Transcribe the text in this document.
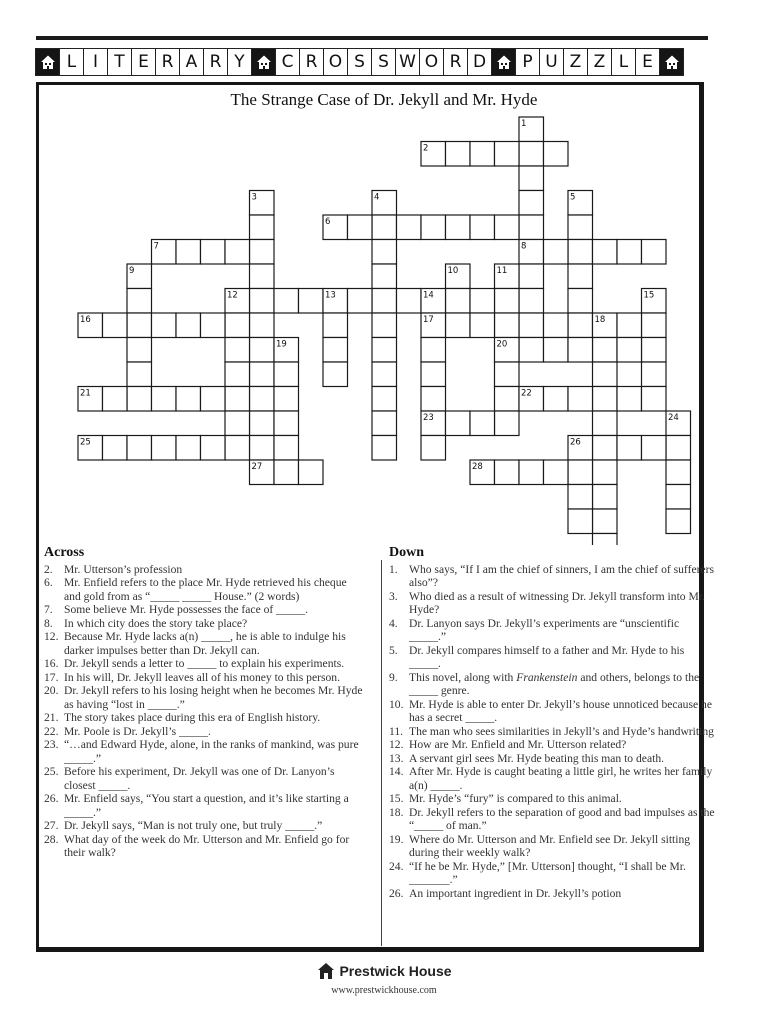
L I T E R A R Y	C R O S S W O R D	P U Z Z L E
The Strange Case of Dr. Jekyll and Mr. Hyde
1
2
3	4	5
6
7	8
9	10	11
12	13	14	15
16	17	18
19	20
21	22
23	24
25	26
27	28
Across
2. Mr. Utterson’s profession
6. Mr. Enfield refers to the place Mr. Hyde retrieved his cheque and gold from as “_____ _____ House.” (2 words)
7. Some believe Mr. Hyde possesses the face of _____.
8. In which city does the story take place?
12. Because Mr. Hyde lacks a(n) _____, he is able to indulge his darker impulses better than Dr. Jekyll can.
16. Dr. Jekyll sends a letter to _____ to explain his experiments.
17. In his will, Dr. Jekyll leaves all of his money to this person.
20. Dr. Jekyll refers to his losing height when he becomes Mr. Hyde as having “lost in _____.”
21. The story takes place during this era of English history.
22. Mr. Poole is Dr. Jekyll’s _____.
23. “…and Edward Hyde, alone, in the ranks of mankind, was pure _____.”
25. Before his experiment, Dr. Jekyll was one of Dr. Lanyon’s closest _____.
26. Mr. Enfield says, “You start a question, and it’s like starting a _____.”
27. Dr. Jekyll says, “Man is not truly one, but truly _____.”
28. What day of the week do Mr. Utterson and Mr. Enfield go for their walk?
Down
1. Who says, “If I am the chief of sinners, I am the chief of sufferers also”?
3. Who died as a result of witnessing Dr. Jekyll transform into Mr. Hyde?
4. Dr. Lanyon says Dr. Jekyll’s experiments are “unscientific _____.”
5. Dr. Jekyll compares himself to a father and Mr. Hyde to his _____.
9. This novel, along with Frankenstein and others, belongs to the _____ genre.
10. Mr. Hyde is able to enter Dr. Jekyll’s house unnoticed because he has a secret _____.
11. The man who sees similarities in Jekyll’s and Hyde’s handwriting
12. How are Mr. Enfield and Mr. Utterson related?
13. A servant girl sees Mr. Hyde beating this man to death.
14. After Mr. Hyde is caught beating a little girl, he writes her family a(n) _____.
15. Mr. Hyde’s “fury” is compared to this animal.
18. Dr. Jekyll refers to the separation of good and bad impulses as the “_____ of man.”
19. Where do Mr. Utterson and Mr. Enfield see Dr. Jekyll sitting during their weekly walk?
24. “If he be Mr. Hyde,” [Mr. Utterson] thought, “I shall be Mr. _______.”
26. An important ingredient in Dr. Jekyll’s potion
Prestwick House
www.prestwickhouse.com
